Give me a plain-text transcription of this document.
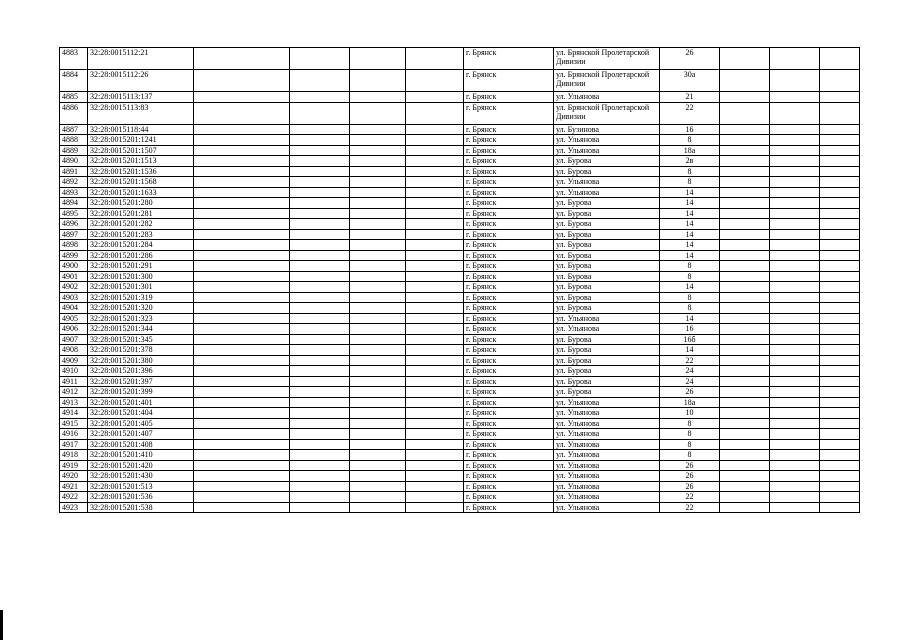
4883	32:28:0015112:21					г. Брянск	ул. Брянской Пролетарской Дивизии	26			
4884	32:28:0015112:26					г. Брянск	ул. Брянской Пролетарской Дивизии	30а			
4885	32:28:0015113:137					г. Брянск	ул. Ульянова	21			
4886	32:28:0015113:83					г. Брянск	ул. Брянской Пролетарской Дивизии	22			
4887	32:28:0015118:44					г. Брянск	ул. Бузинова	16			
4888	32:28:0015201:1241					г. Брянск	ул. Ульянова	8			
4889	32:28:0015201:1507					г. Брянск	ул. Ульянова	18а			
4890	32:28:0015201:1513					г. Брянск	ул. Бурова	2в			
4891	32:28:0015201:1536					г. Брянск	ул. Бурова	8			
4892	32:28:0015201:1568					г. Брянск	ул. Ульянова	8			
4893	32:28:0015201:1633					г. Брянск	ул. Ульянова	14			
4894	32:28:0015201:280					г. Брянск	ул. Бурова	14			
4895	32:28:0015201:281					г. Брянск	ул. Бурова	14			
4896	32:28:0015201:282					г. Брянск	ул. Бурова	14			
4897	32:28:0015201:283					г. Брянск	ул. Бурова	14			
4898	32:28:0015201:284					г. Брянск	ул. Бурова	14			
4899	32:28:0015201:286					г. Брянск	ул. Бурова	14			
4900	32:28:0015201:291					г. Брянск	ул. Бурова	8			
4901	32:28:0015201:300					г. Брянск	ул. Бурова	8			
4902	32:28:0015201:301					г. Брянск	ул. Бурова	14			
4903	32:28:0015201:319					г. Брянск	ул. Бурова	8			
4904	32:28:0015201:320					г. Брянск	ул. Бурова	8			
4905	32:28:0015201:323					г. Брянск	ул. Ульянова	14			
4906	32:28:0015201:344					г. Брянск	ул. Ульянова	16			
4907	32:28:0015201:345					г. Брянск	ул. Бурова	16б			
4908	32:28:0015201:378					г. Брянск	ул. Бурова	14			
4909	32:28:0015201:380					г. Брянск	ул. Бурова	22			
4910	32:28:0015201:396					г. Брянск	ул. Бурова	24			
4911	32:28:0015201:397					г. Брянск	ул. Бурова	24			
4912	32:28:0015201:399					г. Брянск	ул. Бурова	26			
4913	32:28:0015201:401					г. Брянск	ул. Ульянова	18а			
4914	32:28:0015201:404					г. Брянск	ул. Ульянова	10			
4915	32:28:0015201:405					г. Брянск	ул. Ульянова	8			
4916	32:28:0015201:407					г. Брянск	ул. Ульянова	8			
4917	32:28:0015201:408					г. Брянск	ул. Ульянова	8			
4918	32:28:0015201:410					г. Брянск	ул. Ульянова	8			
4919	32:28:0015201:420					г. Брянск	ул. Ульянова	26			
4920	32:28:0015201:430					г. Брянск	ул. Ульянова	26			
4921	32:28:0015201:513					г. Брянск	ул. Ульянова	26			
4922	32:28:0015201:536					г. Брянск	ул. Ульянова	22			
4923	32:28:0015201:538					г. Брянск	ул. Ульянова	22			
